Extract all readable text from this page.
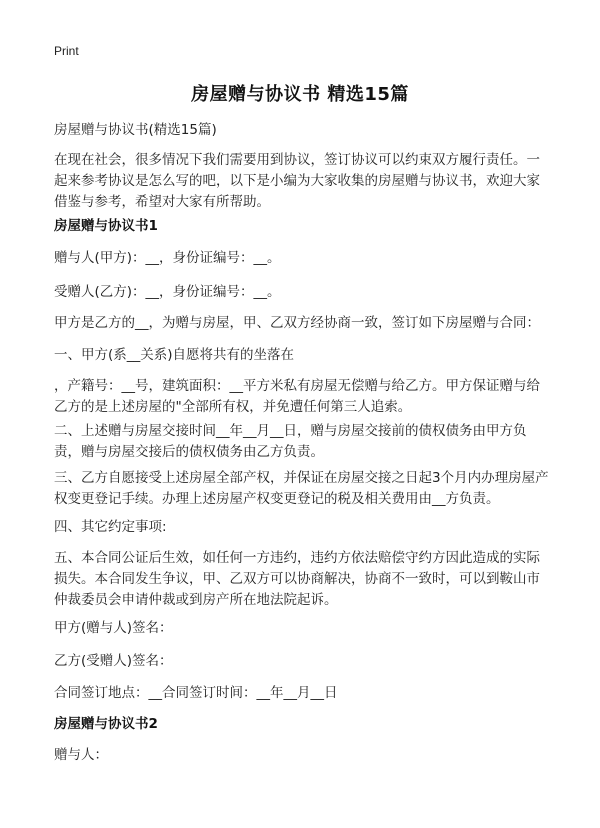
Print
房屋赠与协议书 精选15篇

房屋赠与协议书(精选15篇)

在现在社会，很多情况下我们需要用到协议，签订协议可以约束双方履行责任。一起来参考协议是怎么写的吧，以下是小编为大家收集的房屋赠与协议书，欢迎大家借鉴与参考，希望对大家有所帮助。

房屋赠与协议书1

赠与人(甲方)：__，身份证编号：__。

受赠人(乙方)：__，身份证编号：__。

甲方是乙方的__，为赠与房屋，甲、乙双方经协商一致，签订如下房屋赠与合同：

一、甲方(系__关系)自愿将共有的坐落在

，产籍号：__号，建筑面积：__平方米私有房屋无偿赠与给乙方。甲方保证赠与给乙方的是上述房屋的"全部所有权，并免遭任何第三人追索。

二、上述赠与房屋交接时间__年__月__日，赠与房屋交接前的债权债务由甲方负责，赠与房屋交接后的债权债务由乙方负责。

三、乙方自愿接受上述房屋全部产权，并保证在房屋交接之日起3个月内办理房屋产权变更登记手续。办理上述房屋产权变更登记的税及相关费用由__方负责。

四、其它约定事项:

五、本合同公证后生效，如任何一方违约，违约方依法赔偿守约方因此造成的实际损失。本合同发生争议，甲、乙双方可以协商解决，协商不一致时，可以到鞍山市仲裁委员会申请仲裁或到房产所在地法院起诉。

甲方(赠与人)签名：

乙方(受赠人)签名：

合同签订地点：__合同签订时间：__年__月__日

房屋赠与协议书2

赠与人：
